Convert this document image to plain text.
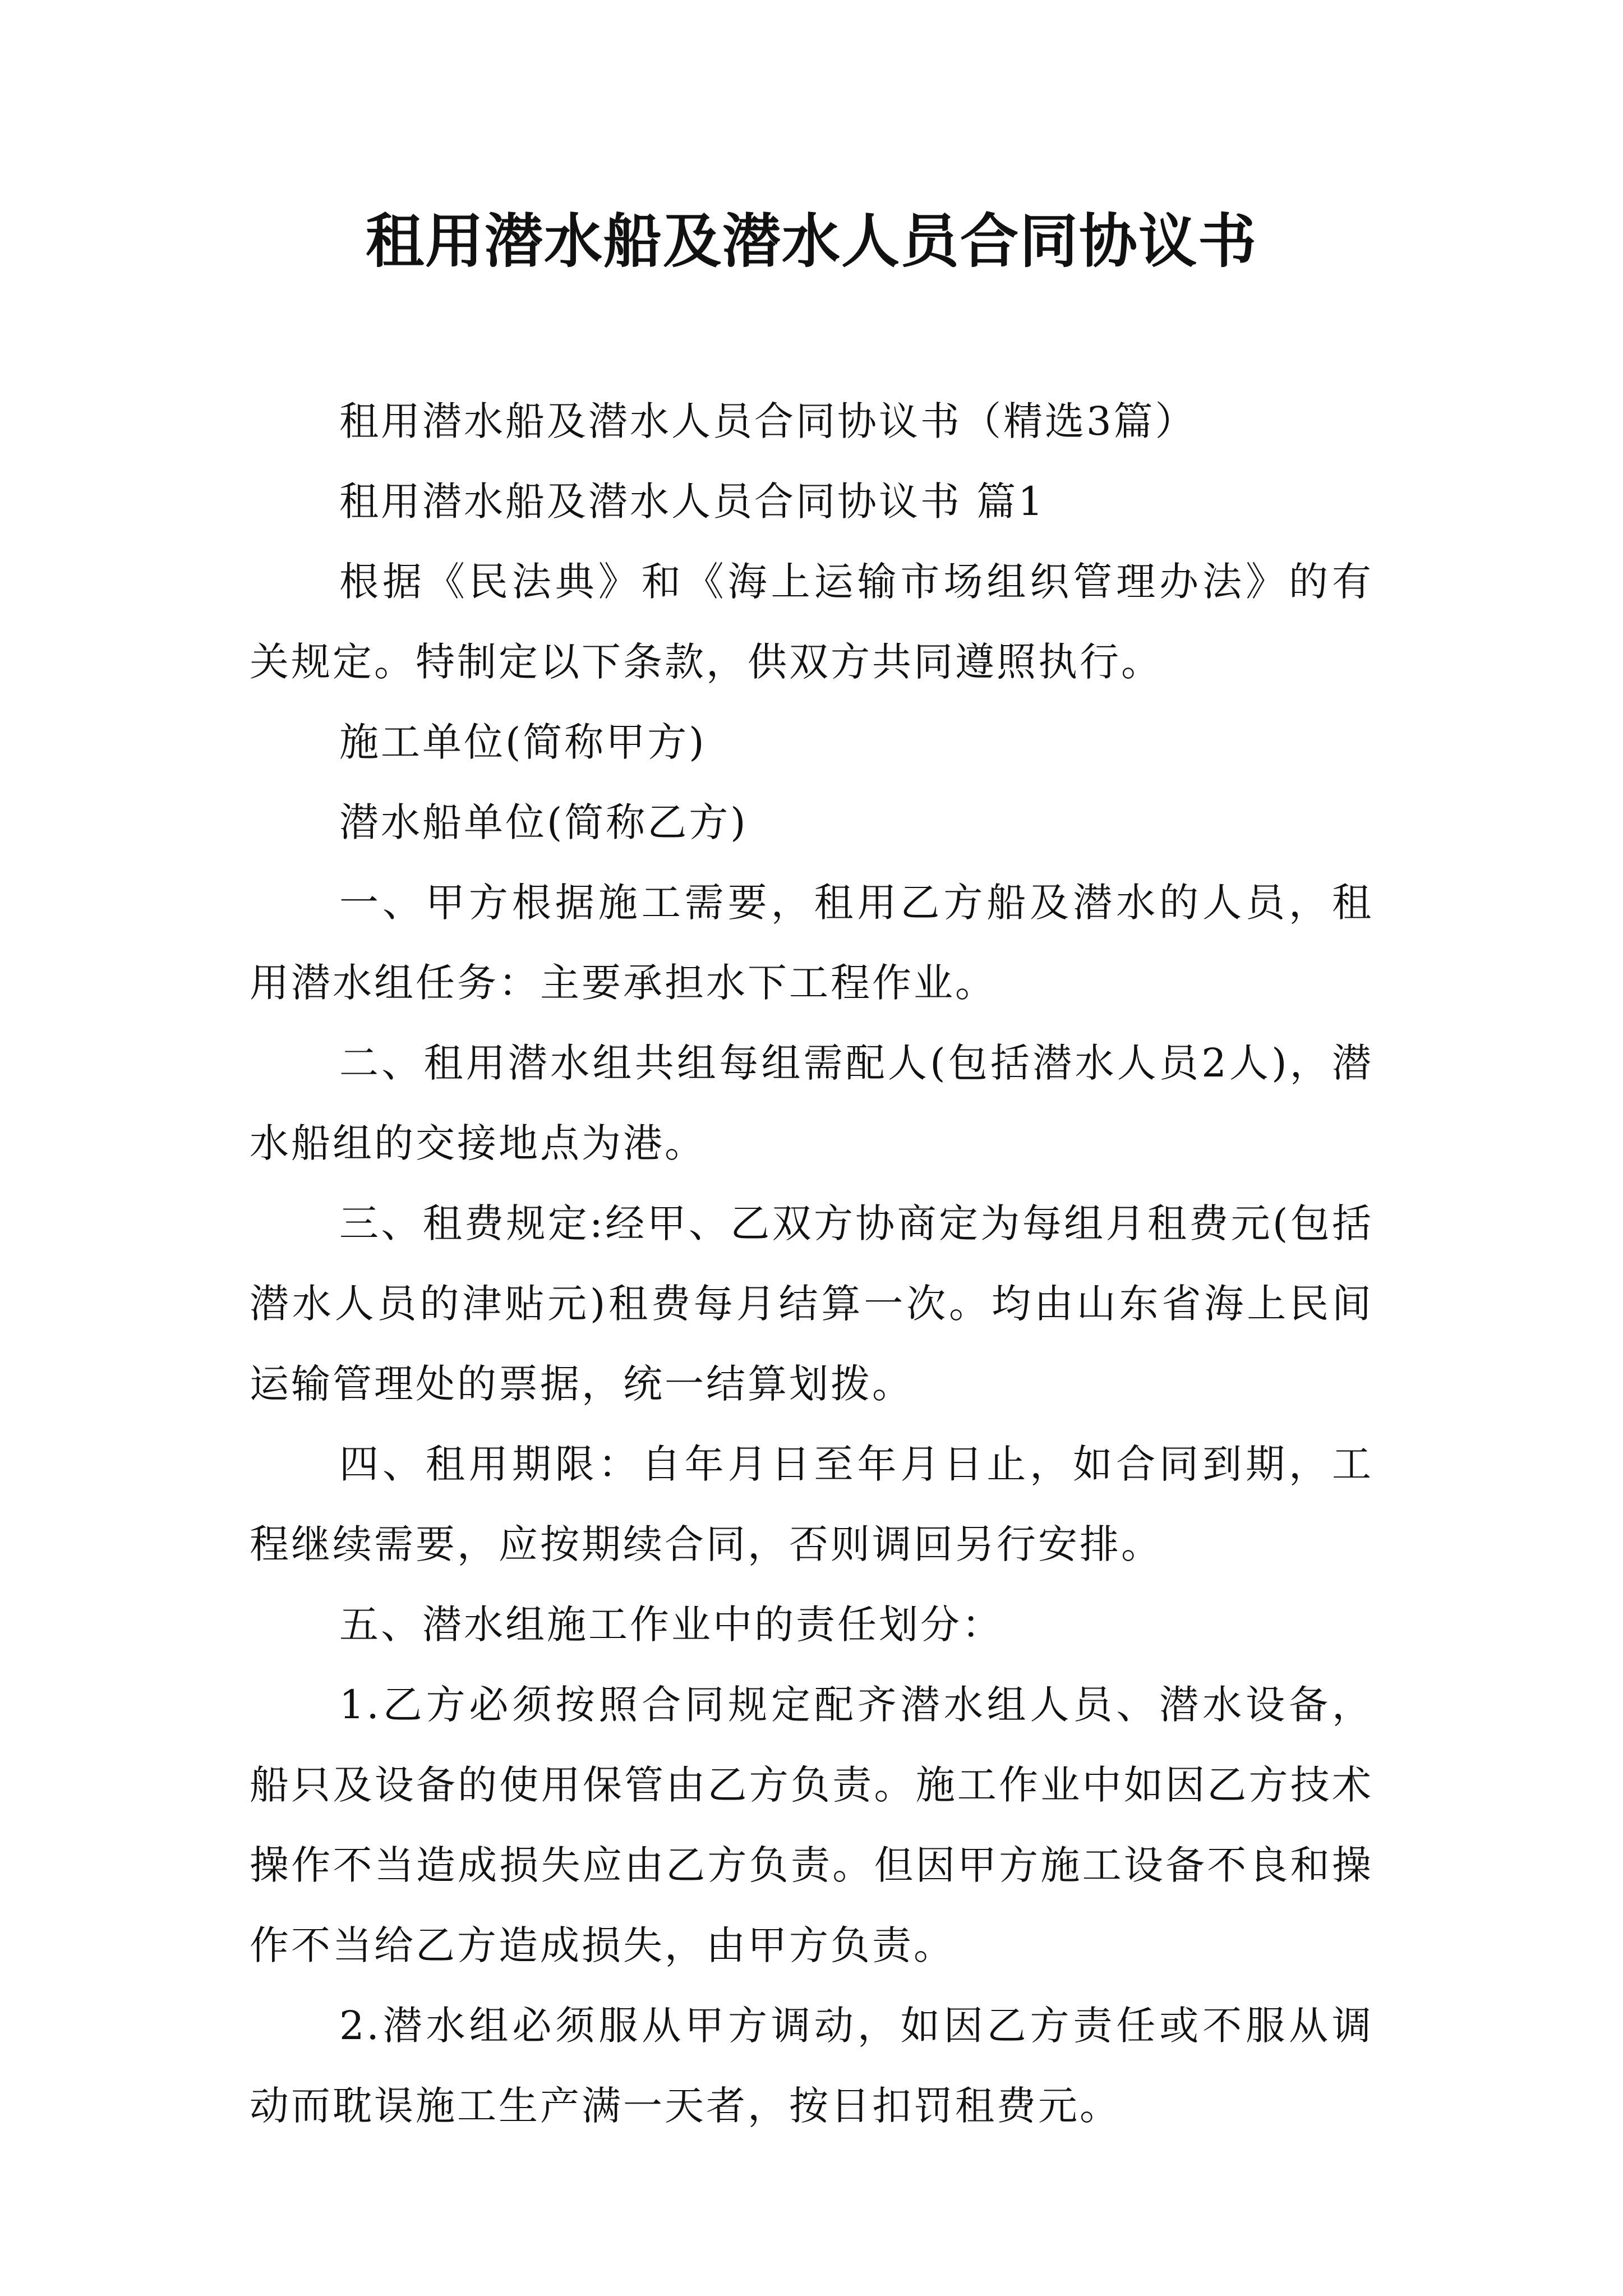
租用潜水船及潜水人员合同协议书

租用潜水船及潜水人员合同协议书（精选3篇）

租用潜水船及潜水人员合同协议书 篇1

根据《民法典》和《海上运输市场组织管理办法》的有关规定。特制定以下条款，供双方共同遵照执行。

施工单位(简称甲方)

潜水船单位(简称乙方)

一、甲方根据施工需要，租用乙方船及潜水的人员，租用潜水组任务：主要承担水下工程作业。

二、租用潜水组共组每组需配人(包括潜水人员2人)，潜水船组的交接地点为港。

三、租费规定:经甲、乙双方协商定为每组月租费元(包括潜水人员的津贴元)租费每月结算一次。均由山东省海上民间运输管理处的票据，统一结算划拨。

四、租用期限：自年月日至年月日止，如合同到期，工程继续需要，应按期续合同，否则调回另行安排。

五、潜水组施工作业中的责任划分：

1.乙方必须按照合同规定配齐潜水组人员、潜水设备，船只及设备的使用保管由乙方负责。施工作业中如因乙方技术操作不当造成损失应由乙方负责。但因甲方施工设备不良和操作不当给乙方造成损失，由甲方负责。

2.潜水组必须服从甲方调动，如因乙方责任或不服从调动而耽误施工生产满一天者，按日扣罚租费元。
